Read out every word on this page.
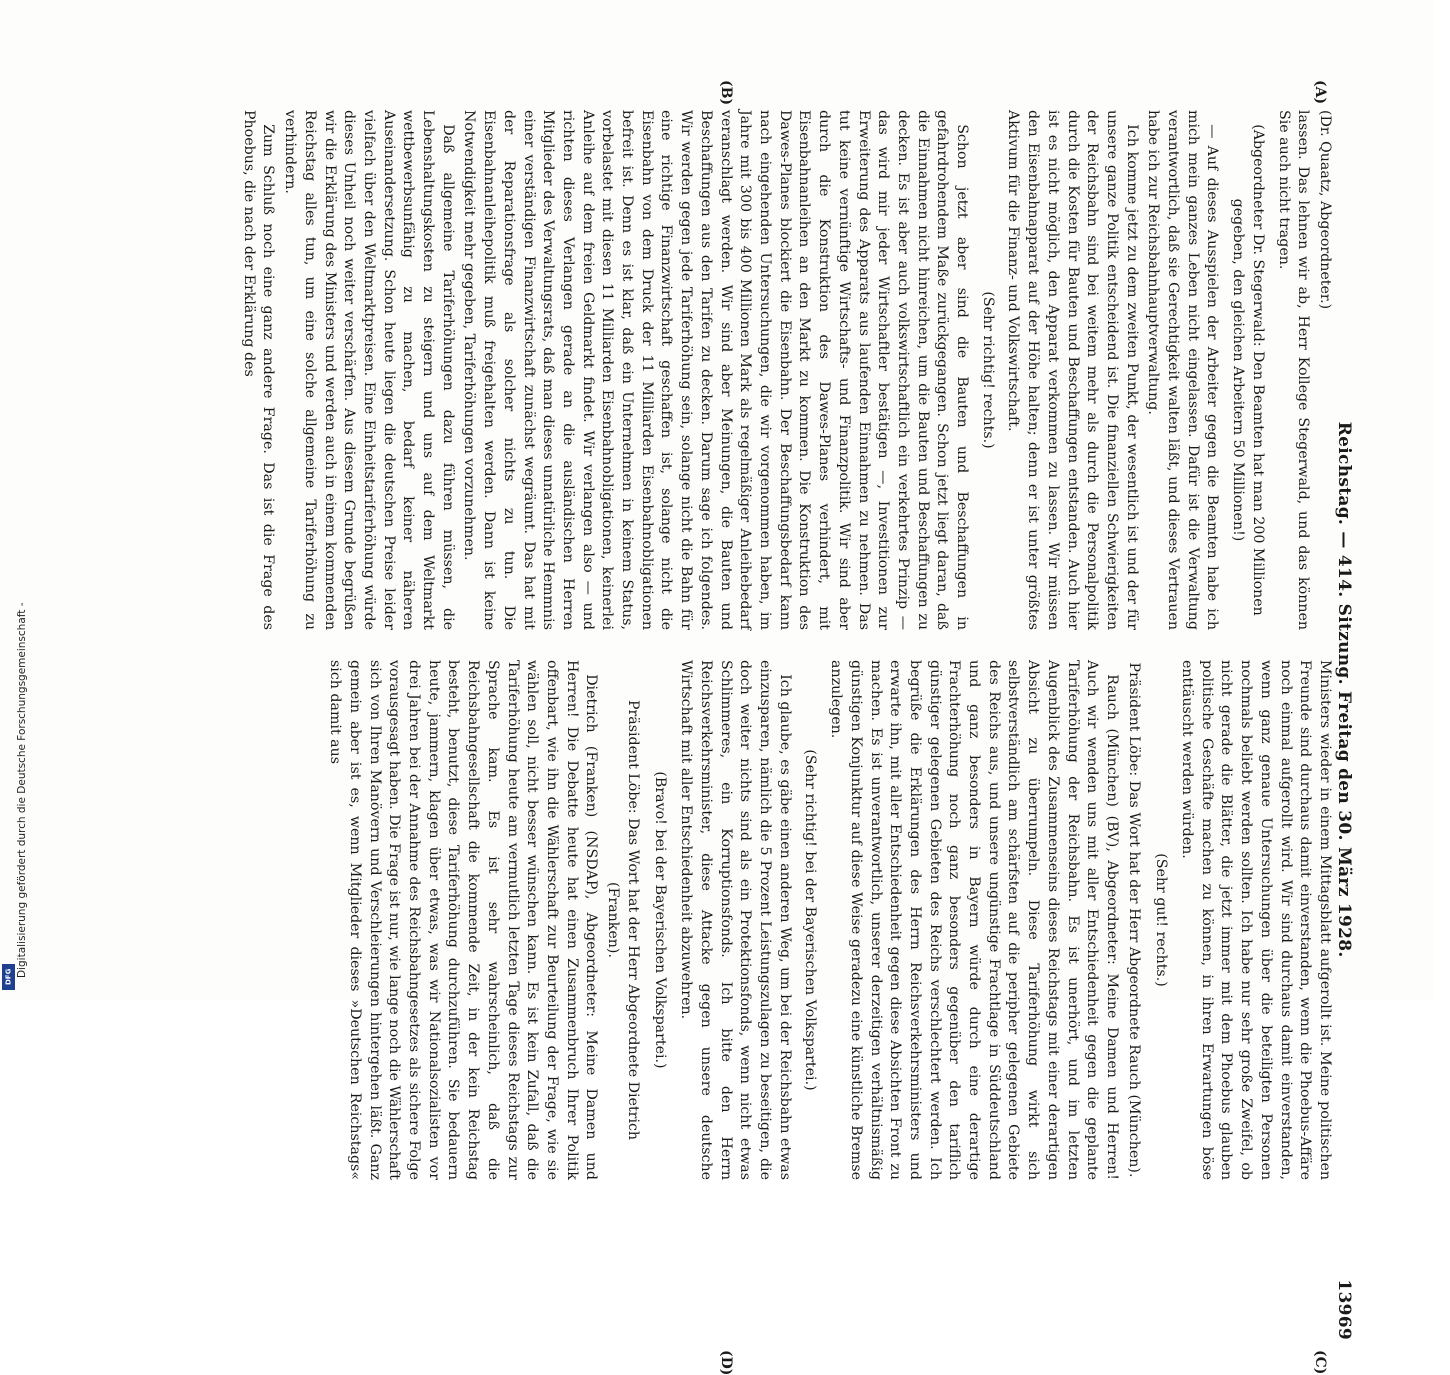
Reichstag. — 414. Sitzung. Freitag den 30. März 1928.
13969
(A)
(B)
(C)
(D)

(Dr. Quaatz, Abgeordneter.)

lassen. Das lehnen wir ab, Herr Kollege Stegerwald, und das können Sie auch nicht tragen.

(Abgeordneter Dr. Stegerwald: Den Beamten hat man 200 Millionen gegeben, den gleichen Arbeitern 50 Millionen!)

— Auf dieses Ausspielen der Arbeiter gegen die Beamten habe ich mich mein ganzes Leben nicht eingelassen. Dafür ist die Verwaltung verantwortlich, daß sie Gerechtigkeit walten läßt, und dieses Vertrauen habe ich zur Reichsbahnhauptverwaltung.

Ich komme jetzt zu dem zweiten Punkt, der wesentlich ist und der für unsere ganze Politik entscheidend ist. Die finanziellen Schwierigkeiten der Reichsbahn sind bei weitem mehr als durch die Personalpolitik durch die Kosten für Bauten und Beschaffungen entstanden. Auch hier ist es nicht möglich, den Apparat verkommen zu lassen. Wir müssen den Eisenbahnapparat auf der Höhe halten; denn er ist unter größtes Aktivum für die Finanz- und Volkswirtschaft.

(Sehr richtig! rechts.)

Schon jetzt aber sind die Bauten und Beschaffungen in gefahrdrohendem Maße zurückgegangen. Schon jetzt liegt daran, daß die Einnahmen nicht hinreichen, um die Bauten und Beschaffungen zu decken. Es ist aber auch volkswirtschaftlich ein verkehrtes Prinzip — das wird mir jeder Wirtschaftler bestätigen —, Investitionen zur Erweiterung des Apparats aus laufenden Einnahmen zu nehmen. Das tut keine vernünftige Wirtschafts- und Finanzpolitik. Wir sind aber durch die Konstruktion des Dawes-Planes verhindert, mit Eisenbahnanleihen an den Markt zu kommen. Die Konstruktion des Dawes-Planes blockiert die Eisenbahn. Der Beschaffungsbedarf kann nach eingehenden Untersuchungen, die wir vorgenommen haben, im Jahre mit 300 bis 400 Millionen Mark als regelmäßiger Anleihebedarf veranschlagt werden. Wir sind aber Meinungen, die Bauten und Beschaffungen aus den Tarifen zu decken. Darum sage ich folgendes. Wir werden gegen jede Tariferhöhung sein, solange nicht die Bahn für eine richtige Finanzwirtschaft geschaffen ist, solange nicht die Eisenbahn von dem Druck der 11 Milliarden Eisenbahnobligationen befreit ist. Denn es ist klar, daß ein Unternehmen in keinem Status, vorbelastet mit diesen 11 Milliarden Eisenbahnobligationen, keinerlei Anleihe auf dem freien Geldmarkt findet. Wir verlangen also — und richten dieses Verlangen gerade an die ausländischen Herren Mitglieder des Verwaltungsrats, daß man dieses unnatürliche Hemmnis einer verständigen Finanzwirtschaft zunächst wegräumt. Das hat mit der Reparationsfrage als solcher nichts zu tun. Die Eisenbahnanleihepolitik muß freigehalten werden. Dann ist keine Notwendigkeit mehr gegeben, Tariferhöhungen vorzunehmen.

Daß allgemeine Tariferhöhungen dazu führen müssen, die Lebenshaltungskosten zu steigern und uns auf dem Weltmarkt wettbewerbsunfähig zu machen, bedarf keiner näheren Auseinandersetzung. Schon heute liegen die deutschen Preise leider vielfach über den Weltmarktpreisen. Eine Einheitstariferhöhung würde dieses Unheil noch weiter verschärfen. Aus diesem Grunde begrüßen wir die Erklärung des Ministers und werden auch in einem kommenden Reichstag alles tun, um eine solche allgemeine Tariferhöhung zu verhindern.

Zum Schluß noch eine ganz andere Frage. Das ist die Frage des Phoebus, die nach der Erklärung des

Ministers wieder in einem Mittagsblatt aufgerollt ist. Meine politischen Freunde sind durchaus damit einverstanden, wenn die Phoebus-Affäre noch einmal aufgerollt wird. Wir sind durchaus damit einverstanden, wenn ganz genaue Untersuchungen über die beteiligten Personen nochmals beliebt werden sollten. Ich habe nur sehr große Zweifel, ob nicht gerade die Blätter, die jetzt immer mit dem Phoebus glauben politische Geschäfte machen zu können, in ihren Erwartungen böse enttäuscht werden würden.

(Sehr gut! rechts.)

Präsident Löbe: Das Wort hat der Herr Abgeordnete Rauch (München).

Rauch (München) (BV), Abgeordneter: Meine Damen und Herren! Auch wir wenden uns mit aller Entschiedenheit gegen die geplante Tariferhöhung der Reichsbahn. Es ist unerhört, und im letzten Augenblick des Zusammenseins dieses Reichstags mit einer derartigen Absicht zu überrumpeln. Diese Tariferhöhung wirkt sich selbstverständlich am schärfsten auf die peripher gelegenen Gebiete des Reichs aus, und unsere ungünstige Frachtlage in Süddeutschland und ganz besonders in Bayern würde durch eine derartige Frachterhöhung noch ganz besonders gegenüber den tariflich günstiger gelegenen Gebieten des Reichs verschlechtert werden. Ich begrüße die Erklärungen des Herrn Reichsverkehrsministers und erwarte ihn, mit aller Entschiedenheit gegen diese Absichten Front zu machen. Es ist unverantwortlich, unserer derzeitigen verhältnismäßig günstigen Konjunktur auf diese Weise geradezu eine künstliche Bremse anzulegen.

(Sehr richtig! bei der Bayerischen Volkspartei.)

Ich glaube, es gäbe einen anderen Weg, um bei der Reichsbahn etwas einzusparen, nämlich die 5 Prozent Leistungszulagen zu beseitigen, die doch weiter nichts sind als ein Protektionsfonds, wenn nicht etwas Schlimmeres, ein Korruptionsfonds. Ich bitte den Herrn Reichsverkehrsminister, diese Attacke gegen unsere deutsche Wirtschaft mit aller Entschiedenheit abzuwehren.

(Bravo! bei der Bayerischen Volkspartei.)

Präsident Löbe: Das Wort hat der Herr Abgeordnete Dietrich (Franken).

Dietrich (Franken) (NSDAP), Abgeordneter: Meine Damen und Herren! Die Debatte heute hat einen Zusammenbruch Ihrer Politik offenbart, wie ihn die Wählerschaft zur Beurteilung der Frage, wie sie wählen soll, nicht besser wünschen kann. Es ist kein Zufall, daß die Tariferhöhung heute am vermutlich letzten Tage dieses Reichstags zur Sprache kam. Es ist sehr wahrscheinlich, daß die Reichsbahngesellschaft die kommende Zeit, in der kein Reichstag besteht, benutzt, diese Tariferhöhung durchzuführen. Sie bedauern heute, jammern, klagen über etwas, was wir Nationalsozialisten vor drei Jahren bei der Annahme des Reichsbahngesetzes als sichere Folge vorausgesagt haben. Die Frage ist nur, wie lange noch die Wählerschaft sich von Ihren Manövern und Verschleierungen hintergehen läßt. Ganz gemein aber ist es, wenn Mitglieder dieses »Deutschen Reichstags« sich damit aus

DFG Digitalisierung gefördert durch die Deutsche Forschungsgemeinschaft -
